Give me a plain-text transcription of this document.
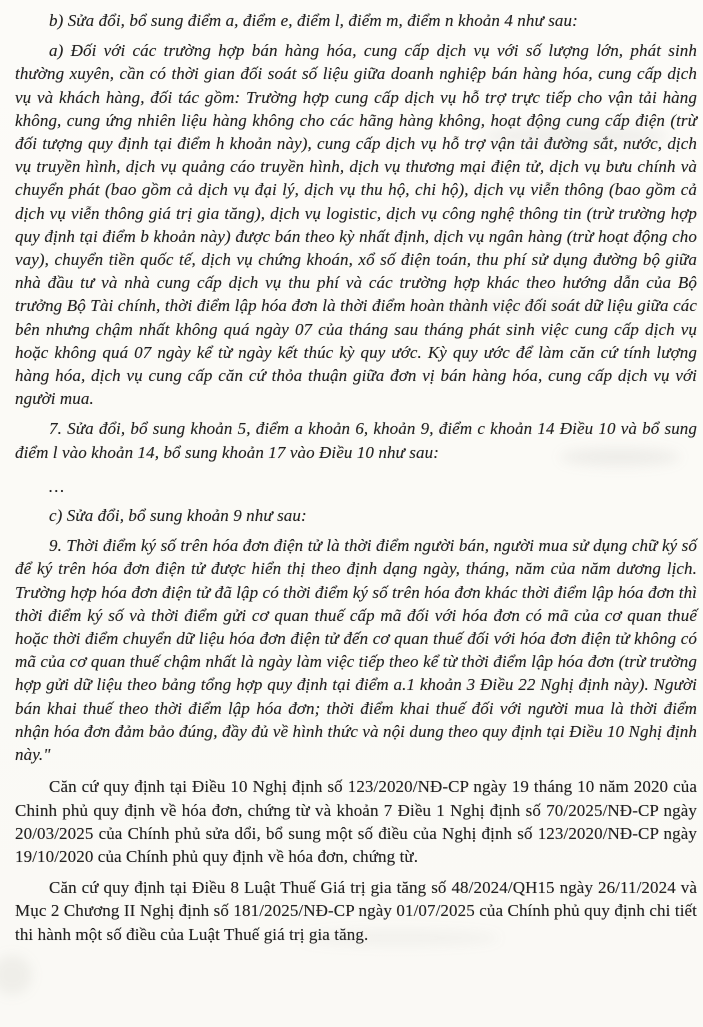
b) Sửa đổi, bổ sung điểm a, điểm e, điểm l, điểm m, điểm n khoản 4 như sau:

a) Đối với các trường hợp bán hàng hóa, cung cấp dịch vụ với số lượng lớn, phát sinh thường xuyên, cần có thời gian đối soát số liệu giữa doanh nghiệp bán hàng hóa, cung cấp dịch vụ và khách hàng, đối tác gồm: Trường hợp cung cấp dịch vụ hỗ trợ trực tiếp cho vận tải hàng không, cung ứng nhiên liệu hàng không cho các hãng hàng không, hoạt động cung cấp điện (trừ đối tượng quy định tại điểm h khoản này), cung cấp dịch vụ hỗ trợ vận tải đường sắt, nước, dịch vụ truyền hình, dịch vụ quảng cáo truyền hình, dịch vụ thương mại điện tử, dịch vụ bưu chính và chuyển phát (bao gồm cả dịch vụ đại lý, dịch vụ thu hộ, chi hộ), dịch vụ viễn thông (bao gồm cả dịch vụ viễn thông giá trị gia tăng), dịch vụ logistic, dịch vụ công nghệ thông tin (trừ trường hợp quy định tại điểm b khoản này) được bán theo kỳ nhất định, dịch vụ ngân hàng (trừ hoạt động cho vay), chuyển tiền quốc tế, dịch vụ chứng khoán, xổ số điện toán, thu phí sử dụng đường bộ giữa nhà đầu tư và nhà cung cấp dịch vụ thu phí và các trường hợp khác theo hướng dẫn của Bộ trưởng Bộ Tài chính, thời điểm lập hóa đơn là thời điểm hoàn thành việc đối soát dữ liệu giữa các bên nhưng chậm nhất không quá ngày 07 của tháng sau tháng phát sinh việc cung cấp dịch vụ hoặc không quá 07 ngày kể từ ngày kết thúc kỳ quy ước. Kỳ quy ước để làm căn cứ tính lượng hàng hóa, dịch vụ cung cấp căn cứ thỏa thuận giữa đơn vị bán hàng hóa, cung cấp dịch vụ với người mua.

7. Sửa đổi, bổ sung khoản 5, điểm a khoản 6, khoản 9, điểm c khoản 14 Điều 10 và bổ sung điểm l vào khoản 14, bổ sung khoản 17 vào Điều 10 như sau:

…

c) Sửa đổi, bổ sung khoản 9 như sau:

9. Thời điểm ký số trên hóa đơn điện tử là thời điểm người bán, người mua sử dụng chữ ký số để ký trên hóa đơn điện tử được hiển thị theo định dạng ngày, tháng, năm của năm dương lịch. Trường hợp hóa đơn điện tử đã lập có thời điểm ký số trên hóa đơn khác thời điểm lập hóa đơn thì thời điểm ký số và thời điểm gửi cơ quan thuế cấp mã đối với hóa đơn có mã của cơ quan thuế hoặc thời điểm chuyển dữ liệu hóa đơn điện tử đến cơ quan thuế đối với hóa đơn điện tử không có mã của cơ quan thuế chậm nhất là ngày làm việc tiếp theo kể từ thời điểm lập hóa đơn (trừ trường hợp gửi dữ liệu theo bảng tổng hợp quy định tại điểm a.1 khoản 3 Điều 22 Nghị định này). Người bán khai thuế theo thời điểm lập hóa đơn; thời điểm khai thuế đối với người mua là thời điểm nhận hóa đơn đảm bảo đúng, đầy đủ về hình thức và nội dung theo quy định tại Điều 10 Nghị định này."

Căn cứ quy định tại Điều 10 Nghị định số 123/2020/NĐ-CP ngày 19 tháng 10 năm 2020 của Chinh phủ quy định về hóa đơn, chứng từ và khoản 7 Điều 1 Nghị định số 70/2025/NĐ-CP ngày 20/03/2025 của Chính phủ sửa dổi, bổ sung một số điều của Nghị định số 123/2020/NĐ-CP ngày 19/10/2020 của Chính phủ quy định về hóa đơn, chứng từ.

Căn cứ quy định tại Điều 8 Luật Thuế Giá trị gia tăng số 48/2024/QH15 ngày 26/11/2024 và Mục 2 Chương II Nghị định số 181/2025/NĐ-CP ngày 01/07/2025 của Chính phủ quy định chi tiết thi hành một số điều của Luật Thuế giá trị gia tăng.
